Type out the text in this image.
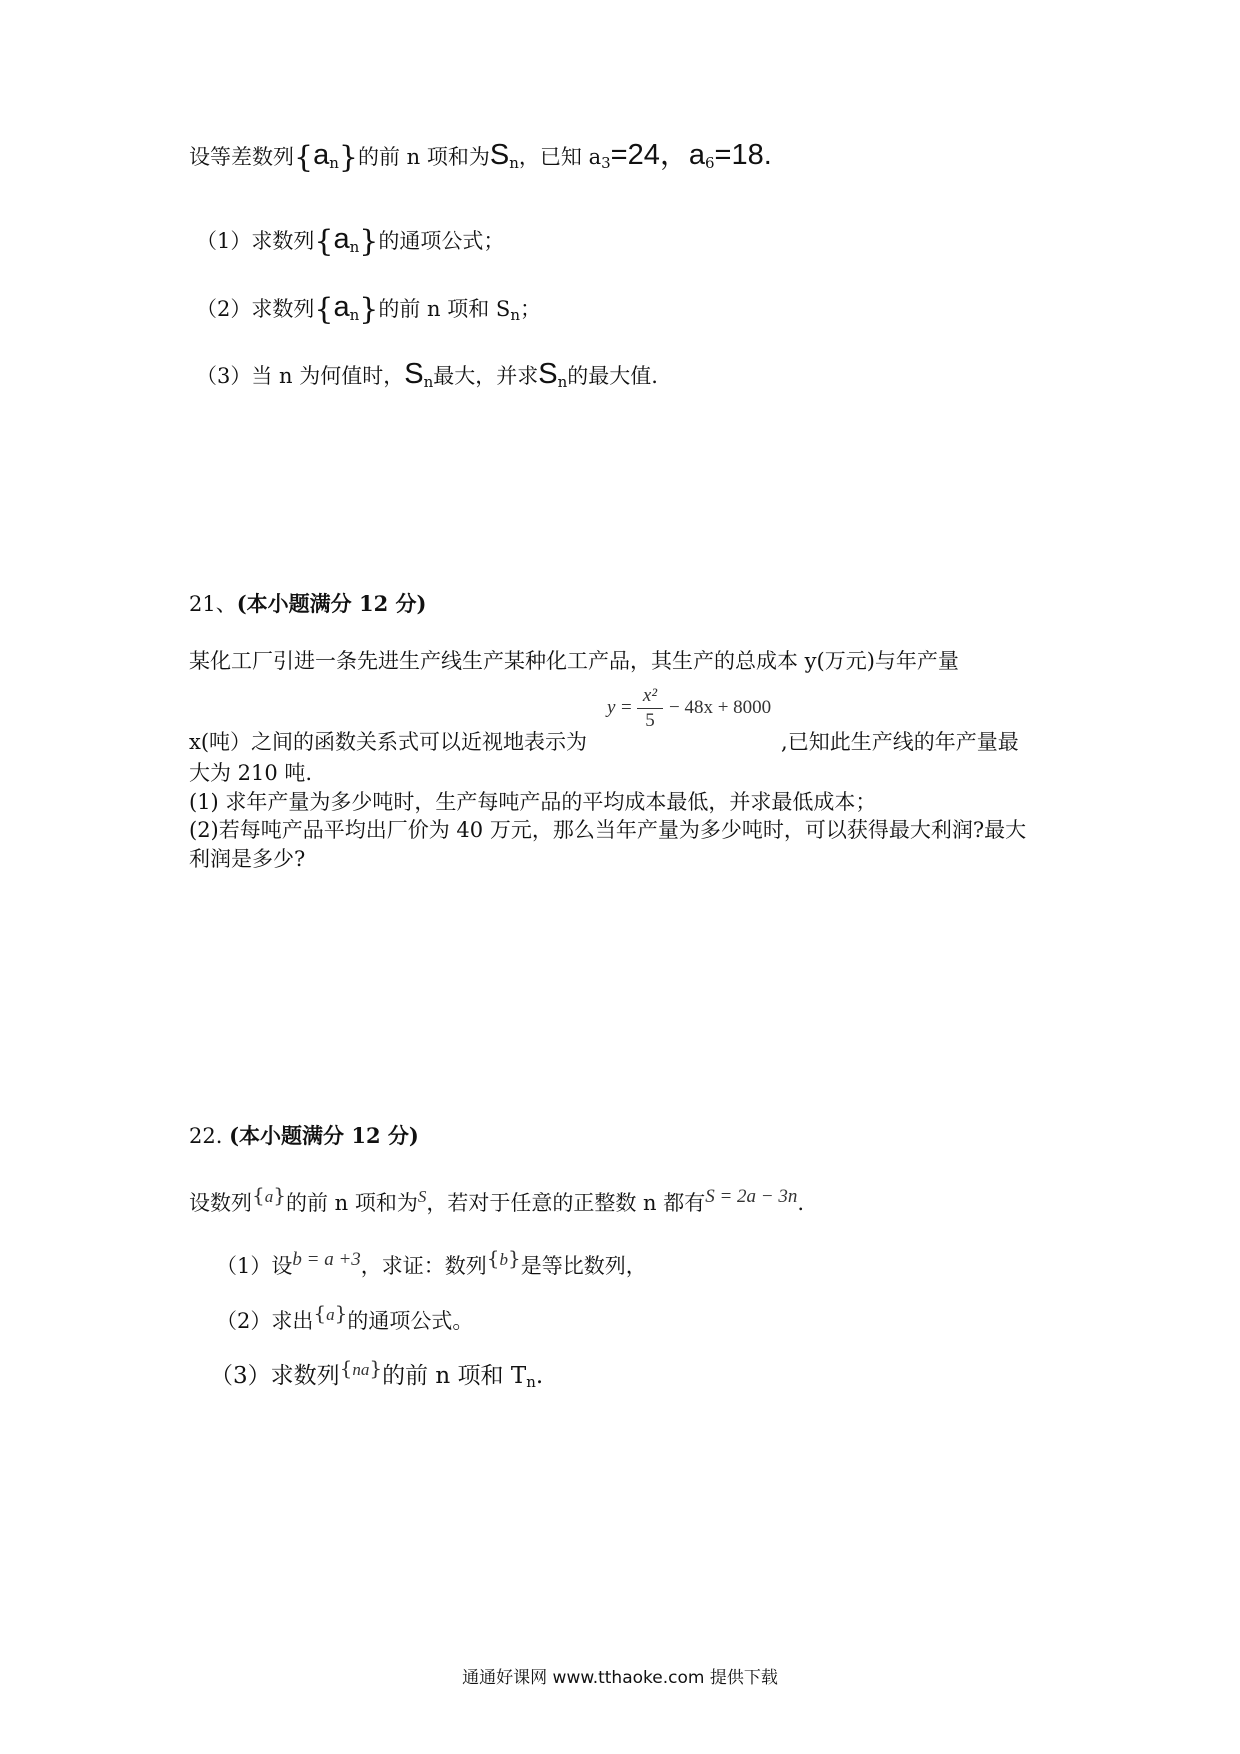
设等差数列$\{a_n\}$的前 n 项和为$S_n$，已知 $a_3=24$，$a_6=18$.
（1）求数列$\{a_n\}$的通项公式；
（2）求数列$\{a_n\}$的前 n 项和 $S_n$；
（3）当 n 为何值时，$S_n$最大，并求$S_n$的最大值.
21、(本小题满分 12 分)
某化工厂引进一条先进生产线生产某种化工产品，其生产的总成本 y(万元)与年产量
y =
x²
5
− 48x + 8000
x(吨）之间的函数关系式可以近视地表示为	,已知此生产线的年产量最
大为 210 吨.
(1) 求年产量为多少吨时，生产每吨产品的平均成本最低，并求最低成本；
(2)若每吨产品平均出厂价为 40 万元，那么当年产量为多少吨时，可以获得最大利润?最大
利润是多少?
22. (本小题满分 12 分)
设数列{$^a$}的前 n 项和为$^S$，若对于任意的正整数 n 都有S = 2a − 3n.
（1）设b = a +3，求证：数列{$^b$}是等比数列，
（2）求出{$^a$}的通项公式。
（3）求数列{$^{na}$}的前 n 项和 $T_n$.
通通好课网 www.tthaoke.com 提供下载
